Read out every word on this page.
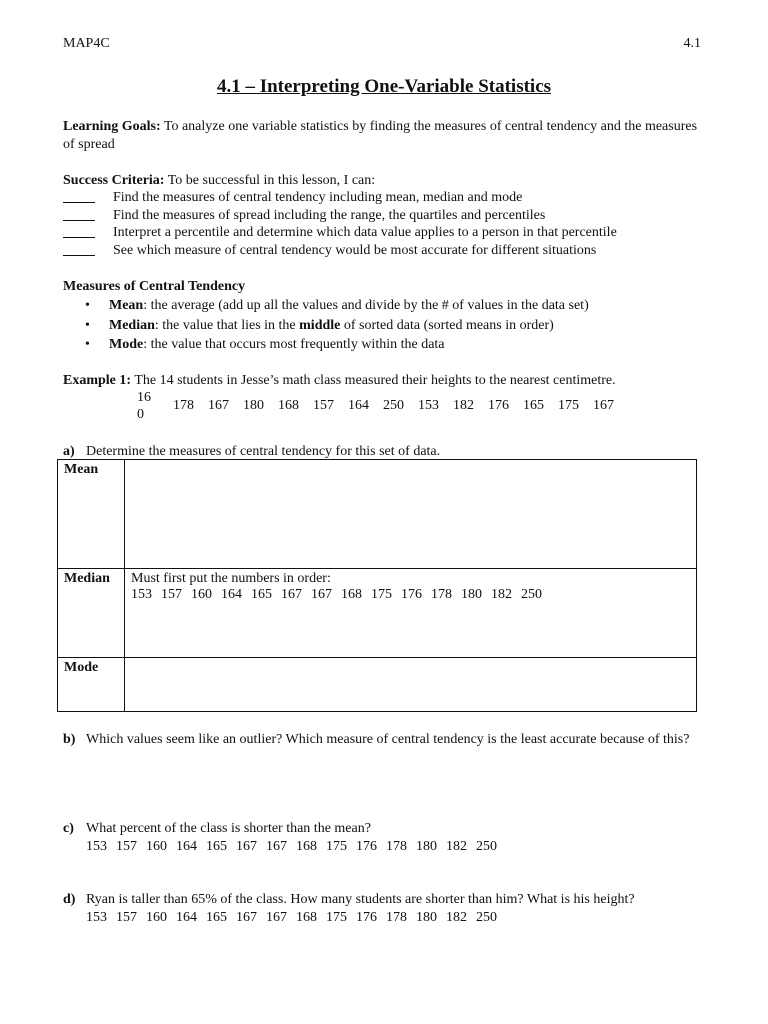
MAP4C	4.1
4.1 – Interpreting One-Variable Statistics
Learning Goals: To analyze one variable statistics by finding the measures of central tendency and the measures of spread
Success Criteria: To be successful in this lesson, I can:
Find the measures of central tendency including mean, median and mode
Find the measures of spread including the range, the quartiles and percentiles
Interpret a percentile and determine which data value applies to a person in that percentile
See which measure of central tendency would be most accurate for different situations
Measures of Central Tendency
• Mean: the average (add up all the values and divide by the # of values in the data set)
• Median: the value that lies in the middle of sorted data (sorted means in order)
• Mode: the value that occurs most frequently within the data
Example 1: The 14 students in Jesse’s math class measured their heights to the nearest centimetre.
16
0
178 167 180 168 157 164 250 153 182 176 165 175 167
a) Determine the measures of central tendency for this set of data.
Mean	
Median	Must first put the numbers in order:
153 157 160 164 165 167 167 168 175 176 178 180 182 250

Mode	
b) Which values seem like an outlier? Which measure of central tendency is the least accurate because of this?
c) What percent of the class is shorter than the mean?
153 157 160 164 165 167 167 168 175 176 178 180 182 250
d) Ryan is taller than 65% of the class. How many students are shorter than him? What is his height?
153 157 160 164 165 167 167 168 175 176 178 180 182 250
